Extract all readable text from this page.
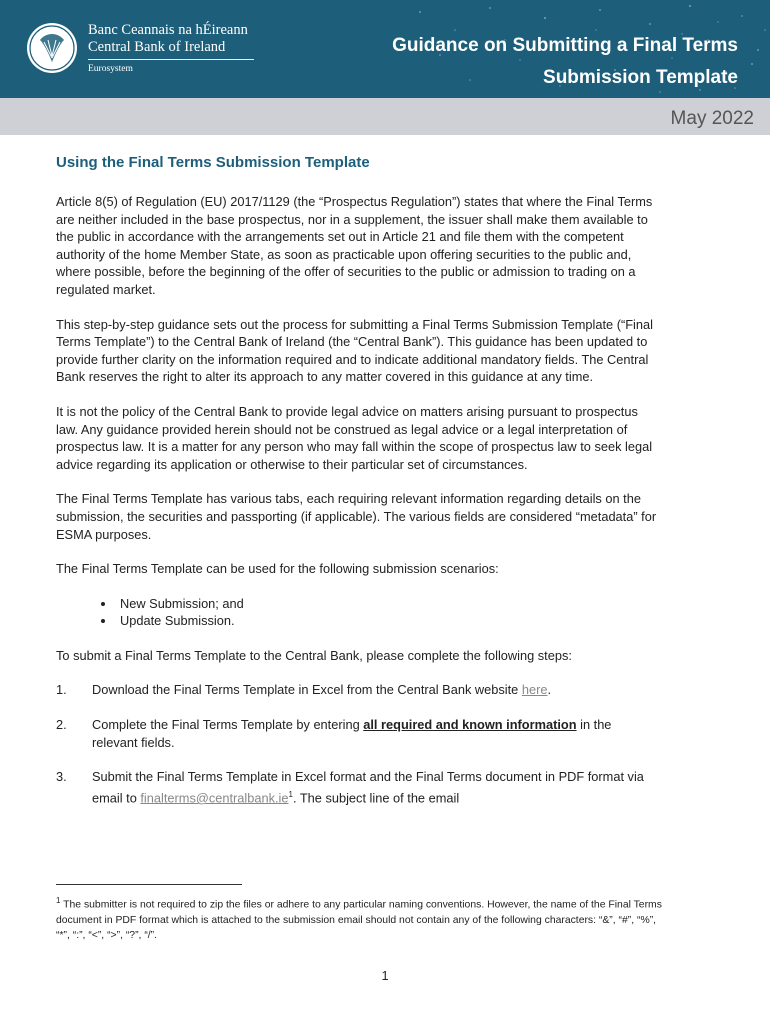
Banc Ceannais na hÉireann
Central Bank of Ireland
Eurosystem
Guidance on Submitting a Final Terms
Submission Template
May 2022
Using the Final Terms Submission Template

Article 8(5) of Regulation (EU) 2017/1129 (the “Prospectus Regulation”) states that where the Final Terms are neither included in the base prospectus, nor in a supplement, the issuer shall make them available to the public in accordance with the arrangements set out in Article 21 and file them with the competent authority of the home Member State, as soon as practicable upon offering securities to the public and, where possible, before the beginning of the offer of securities to the public or admission to trading on a regulated market.

This step-by-step guidance sets out the process for submitting a Final Terms Submission Template (“Final Terms Template”) to the Central Bank of Ireland (the “Central Bank”). This guidance has been updated to provide further clarity on the information required and to indicate additional mandatory fields. The Central Bank reserves the right to alter its approach to any matter covered in this guidance at any time.

It is not the policy of the Central Bank to provide legal advice on matters arising pursuant to prospectus law. Any guidance provided herein should not be construed as legal advice or a legal interpretation of prospectus law. It is a matter for any person who may fall within the scope of prospectus law to seek legal advice regarding its application or otherwise to their particular set of circumstances.

The Final Terms Template has various tabs, each requiring relevant information regarding details on the submission, the securities and passporting (if applicable). The various fields are considered “metadata” for ESMA purposes.

The Final Terms Template can be used for the following submission scenarios:

• New Submission; and
• Update Submission.

To submit a Final Terms Template to the Central Bank, please complete the following steps:

1.	Download the Final Terms Template in Excel from the Central Bank website here.
2.	Complete the Final Terms Template by entering all required and known information in the relevant fields.
3.	Submit the Final Terms Template in Excel format and the Final Terms document in PDF format via email to $finalterms@centralbank.ie^1$. The subject line of the email
$^1$ The submitter is not required to zip the files or adhere to any particular naming conventions. However, the name of the Final Terms document in PDF format which is attached to the submission email should not contain any of the following characters: “&”, “#”, “%”, “*”, “:”, “<”, “>”, “?”, “/”.
1
